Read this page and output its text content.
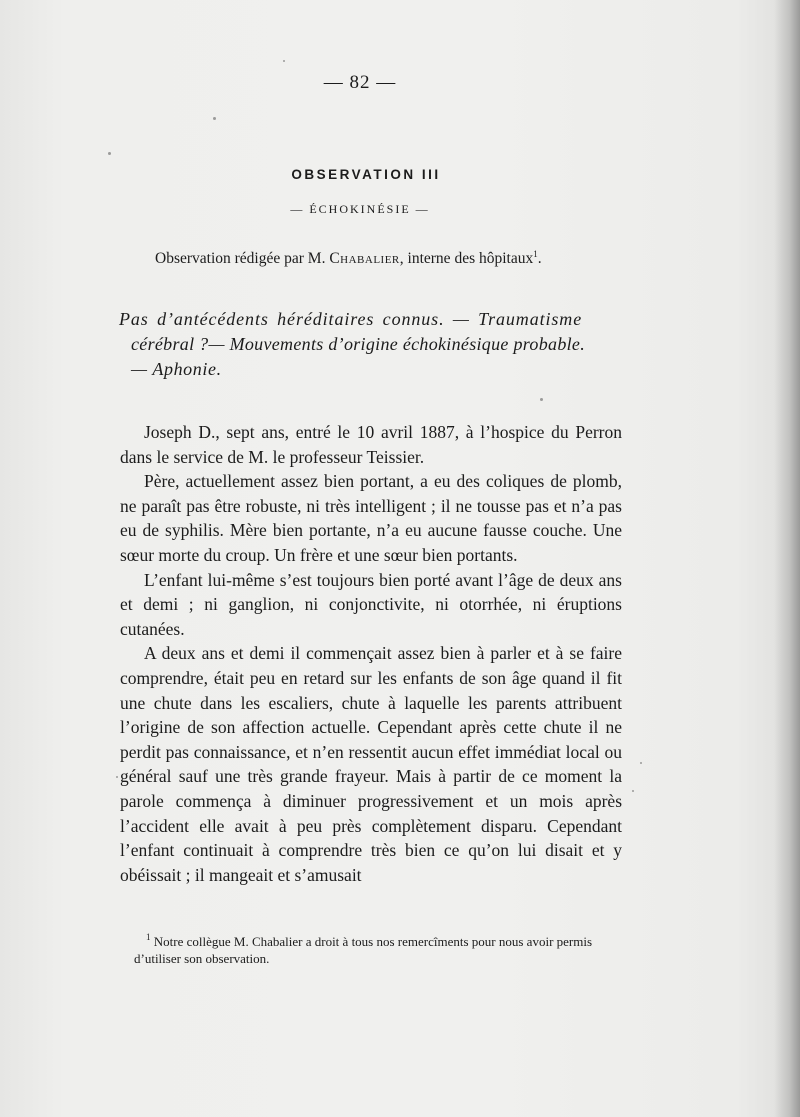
— 82 —
OBSERVATION III
— ÉCHOKINÉSIE —
Observation rédigée par M. Chabalier, interne des hôpitaux$^1$.

Pas d’antécédents héréditaires connus. — Traumatisme

cérébral ?— Mouvements d’origine échokinésique probable.

— Aphonie.

Joseph D., sept ans, entré le 10 avril 1887, à l’hospice du Perron dans le service de M. le professeur Teissier.

Père, actuellement assez bien portant, a eu des coliques de plomb, ne paraît pas être robuste, ni très intelligent ; il ne tousse pas et n’a pas eu de syphilis. Mère bien portante, n’a eu aucune fausse couche. Une sœur morte du croup. Un frère et une sœur bien portants.

L’enfant lui-même s’est toujours bien porté avant l’âge de deux ans et demi ; ni ganglion, ni conjonctivite, ni otorrhée, ni éruptions cutanées.

A deux ans et demi il commençait assez bien à parler et à se faire comprendre, était peu en retard sur les enfants de son âge quand il fit une chute dans les escaliers, chute à laquelle les parents attribuent l’origine de son affection actuelle. Cependant après cette chute il ne perdit pas connaissance, et n’en ressentit aucun effet immédiat local ou général sauf une très grande frayeur. Mais à partir de ce moment la parole commença à diminuer progressivement et un mois après l’accident elle avait à peu près complètement disparu. Cependant l’enfant continuait à comprendre très bien ce qu’on lui disait et y obéissait ; il mangeait et s’amusait

$^1$ Notre collègue M. Chabalier a droit à tous nos remercîments pour nous avoir permis d’utiliser son observation.
